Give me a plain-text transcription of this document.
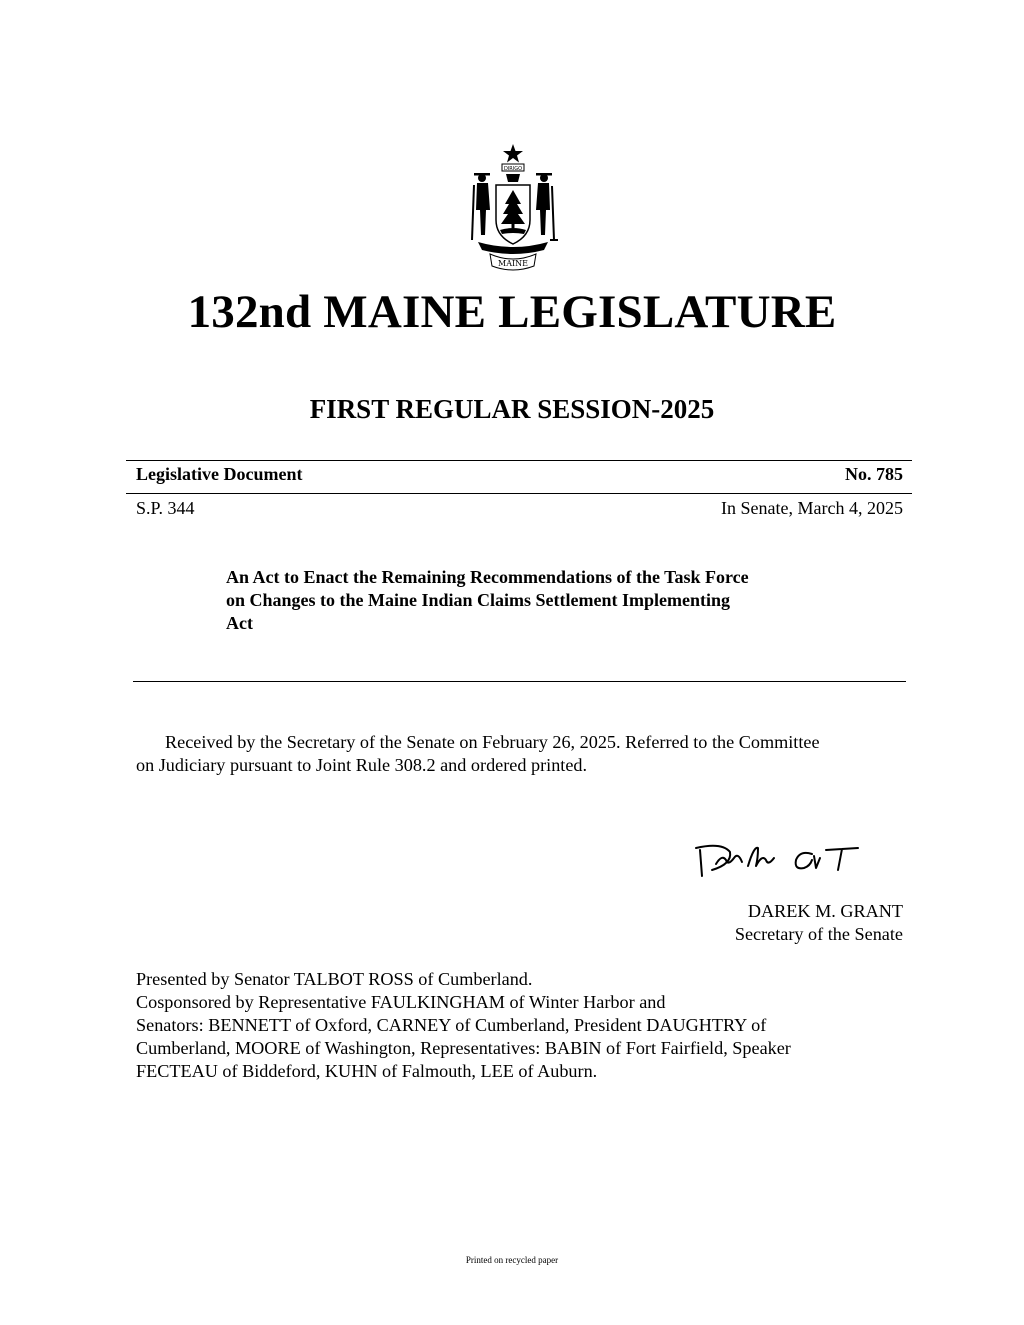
DIRIGO
MAINE
132nd MAINE LEGISLATURE
FIRST REGULAR SESSION-2025
Legislative Document	No. 785
S.P. 344	In Senate, March 4, 2025
An Act to Enact the Remaining Recommendations of the Task Force
on Changes to the Maine Indian Claims Settlement Implementing
Act
Received by the Secretary of the Senate on February 26, 2025. Referred to the Committee
on Judiciary pursuant to Joint Rule 308.2 and ordered printed.
DAREK M. GRANT
Secretary of the Senate
Presented by Senator TALBOT ROSS of Cumberland.
Cosponsored by Representative FAULKINGHAM of Winter Harbor and
Senators: BENNETT of Oxford, CARNEY of Cumberland, President DAUGHTRY of
Cumberland, MOORE of Washington, Representatives: BABIN of Fort Fairfield, Speaker
FECTEAU of Biddeford, KUHN of Falmouth, LEE of Auburn.
Printed on recycled paper
